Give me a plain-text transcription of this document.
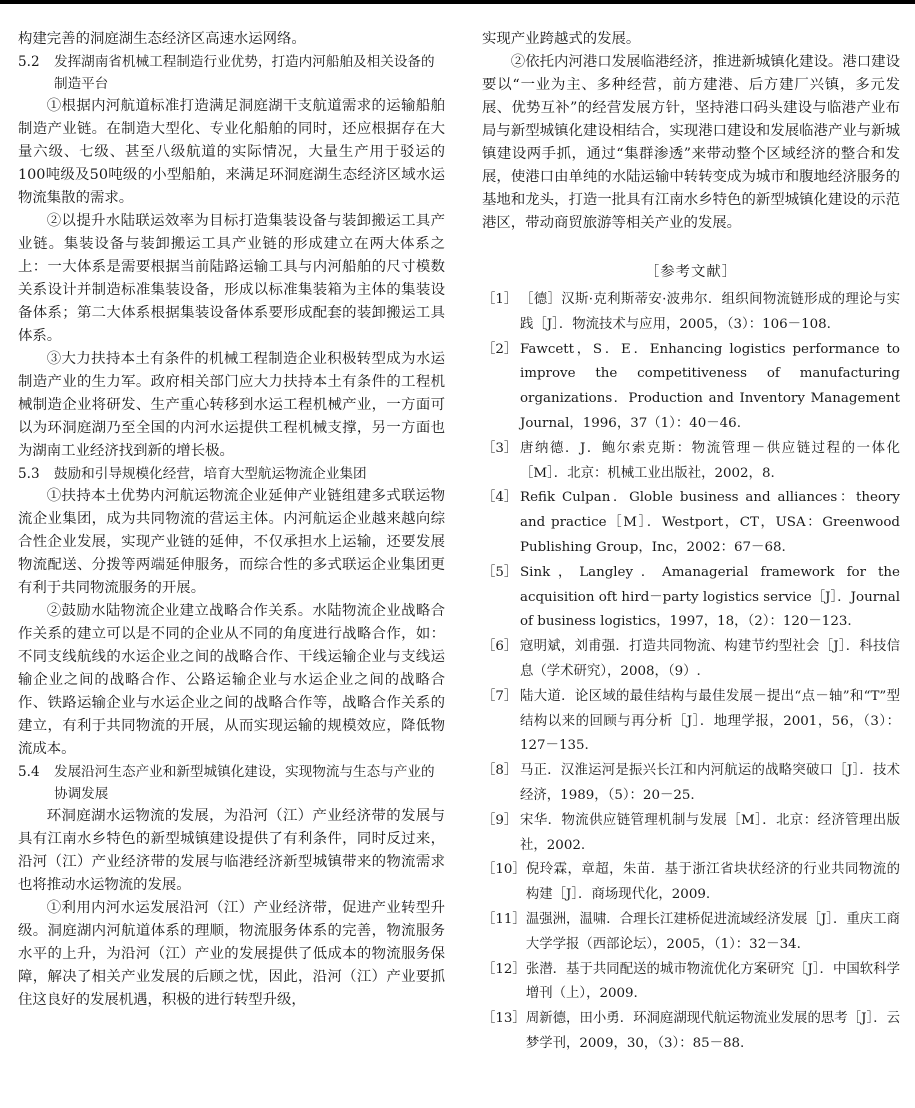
构建完善的洞庭湖生态经济区高速水运网络。

5.2	发挥湖南省机械工程制造行业优势，打造内河船舶及相关设备的制造平台

①根据内河航道标准打造满足洞庭湖干支航道需求的运输船舶制造产业链。在制造大型化、专业化船舶的同时，还应根据存在大量六级、七级、甚至八级航道的实际情况，大量生产用于驳运的100吨级及50吨级的小型船舶，来满足环洞庭湖生态经济区域水运物流集散的需求。

②以提升水陆联运效率为目标打造集装设备与装卸搬运工具产业链。集装设备与装卸搬运工具产业链的形成建立在两大体系之上：一大体系是需要根据当前陆路运输工具与内河船舶的尺寸模数关系设计并制造标准集装设备，形成以标准集装箱为主体的集装设备体系；第二大体系根据集装设备体系要形成配套的装卸搬运工具体系。

③大力扶持本土有条件的机械工程制造企业积极转型成为水运制造产业的生力军。政府相关部门应大力扶持本土有条件的工程机械制造企业将研发、生产重心转移到水运工程机械产业，一方面可以为环洞庭湖乃至全国的内河水运提供工程机械支撑，另一方面也为湖南工业经济找到新的增长极。

5.3	鼓励和引导规模化经营，培育大型航运物流企业集团

①扶持本土优势内河航运物流企业延伸产业链组建多式联运物流企业集团，成为共同物流的营运主体。内河航运企业越来越向综合性企业发展，实现产业链的延伸，不仅承担水上运输，还要发展物流配送、分拨等两端延伸服务，而综合性的多式联运企业集团更有利于共同物流服务的开展。

②鼓励水陆物流企业建立战略合作关系。水陆物流企业战略合作关系的建立可以是不同的企业从不同的角度进行战略合作，如：不同支线航线的水运企业之间的战略合作、干线运输企业与支线运输企业之间的战略合作、公路运输企业与水运企业之间的战略合作、铁路运输企业与水运企业之间的战略合作等，战略合作关系的建立，有利于共同物流的开展，从而实现运输的规模效应，降低物流成本。

5.4	发展沿河生态产业和新型城镇化建设，实现物流与生态与产业的协调发展

环洞庭湖水运物流的发展，为沿河（江）产业经济带的发展与具有江南水乡特色的新型城镇建设提供了有利条件，同时反过来，沿河（江）产业经济带的发展与临港经济新型城镇带来的物流需求也将推动水运物流的发展。

①利用内河水运发展沿河（江）产业经济带，促进产业转型升级。洞庭湖内河航道体系的理顺，物流服务体系的完善，物流服务水平的上升，为沿河（江）产业的发展提供了低成本的物流服务保障，解决了相关产业发展的后顾之忧，因此，沿河（江）产业要抓住这良好的发展机遇，积极的进行转型升级，

实现产业跨越式的发展。

②依托内河港口发展临港经济，推进新城镇化建设。港口建设要以“一业为主、多种经营，前方建港、后方建厂兴镇，多元发展、优势互补”的经营发展方针，坚持港口码头建设与临港产业布局与新型城镇化建设相结合，实现港口建设和发展临港产业与新城镇建设两手抓，通过“集群渗透”来带动整个区域经济的整合和发展，使港口由单纯的水陆运输中转转变成为城市和腹地经济服务的基地和龙头，打造一批具有江南水乡特色的新型城镇化建设的示范港区，带动商贸旅游等相关产业的发展。

［参考文献］
［1］ ［德］汉斯·克利斯蒂安·波弗尔．组织间物流链形成的理论与实践［J］．物流技术与应用，2005，（3）：106－108.
［2］ Fawcett，S．E．Enhancing logistics performance to improve the competitiveness of manufacturing organizations．Production and Inventory Management Journal，1996，37（1）：40－46.
［3］ 唐纳德．J．鲍尔索克斯：物流管理－供应链过程的一体化［M］．北京：机械工业出版社，2002，8.
［4］ Refik Culpan．Globle business and alliances：theory and practice［M］．Westport，CT，USA：Greenwood Publishing Group，Inc，2002：67－68.
［5］ Sink，Langley．Amanagerial framework for the acquisition oft hird－party logistics service［J］．Journal of business logistics，1997，18，（2）：120－123.
［6］ 寇明斌，刘甫强．打造共同物流、构建节约型社会［J］．科技信息（学术研究），2008，（9）.
［7］ 陆大道．论区域的最佳结构与最佳发展－提出“点－轴”和“T”型结构以来的回顾与再分析［J］．地理学报，2001，56，（3）：127－135.
［8］ 马正．汉淮运河是振兴长江和内河航运的战略突破口［J］．技术经济，1989，（5）：20－25.
［9］ 宋华．物流供应链管理机制与发展［M］．北京：经济管理出版社，2002.
［10］ 倪玲霖，章超，朱苗．基于浙江省块状经济的行业共同物流的构建［J］．商场现代化，2009.
［11］ 温强洲，温啸．合理长江建桥促进流域经济发展［J］．重庆工商大学学报（西部论坛），2005，（1）：32－34.
［12］ 张潜．基于共同配送的城市物流优化方案研究［J］．中国软科学增刊（上），2009.
［13］ 周新德，田小勇．环洞庭湖现代航运物流业发展的思考［J］．云梦学刊，2009，30，（3）：85－88.
